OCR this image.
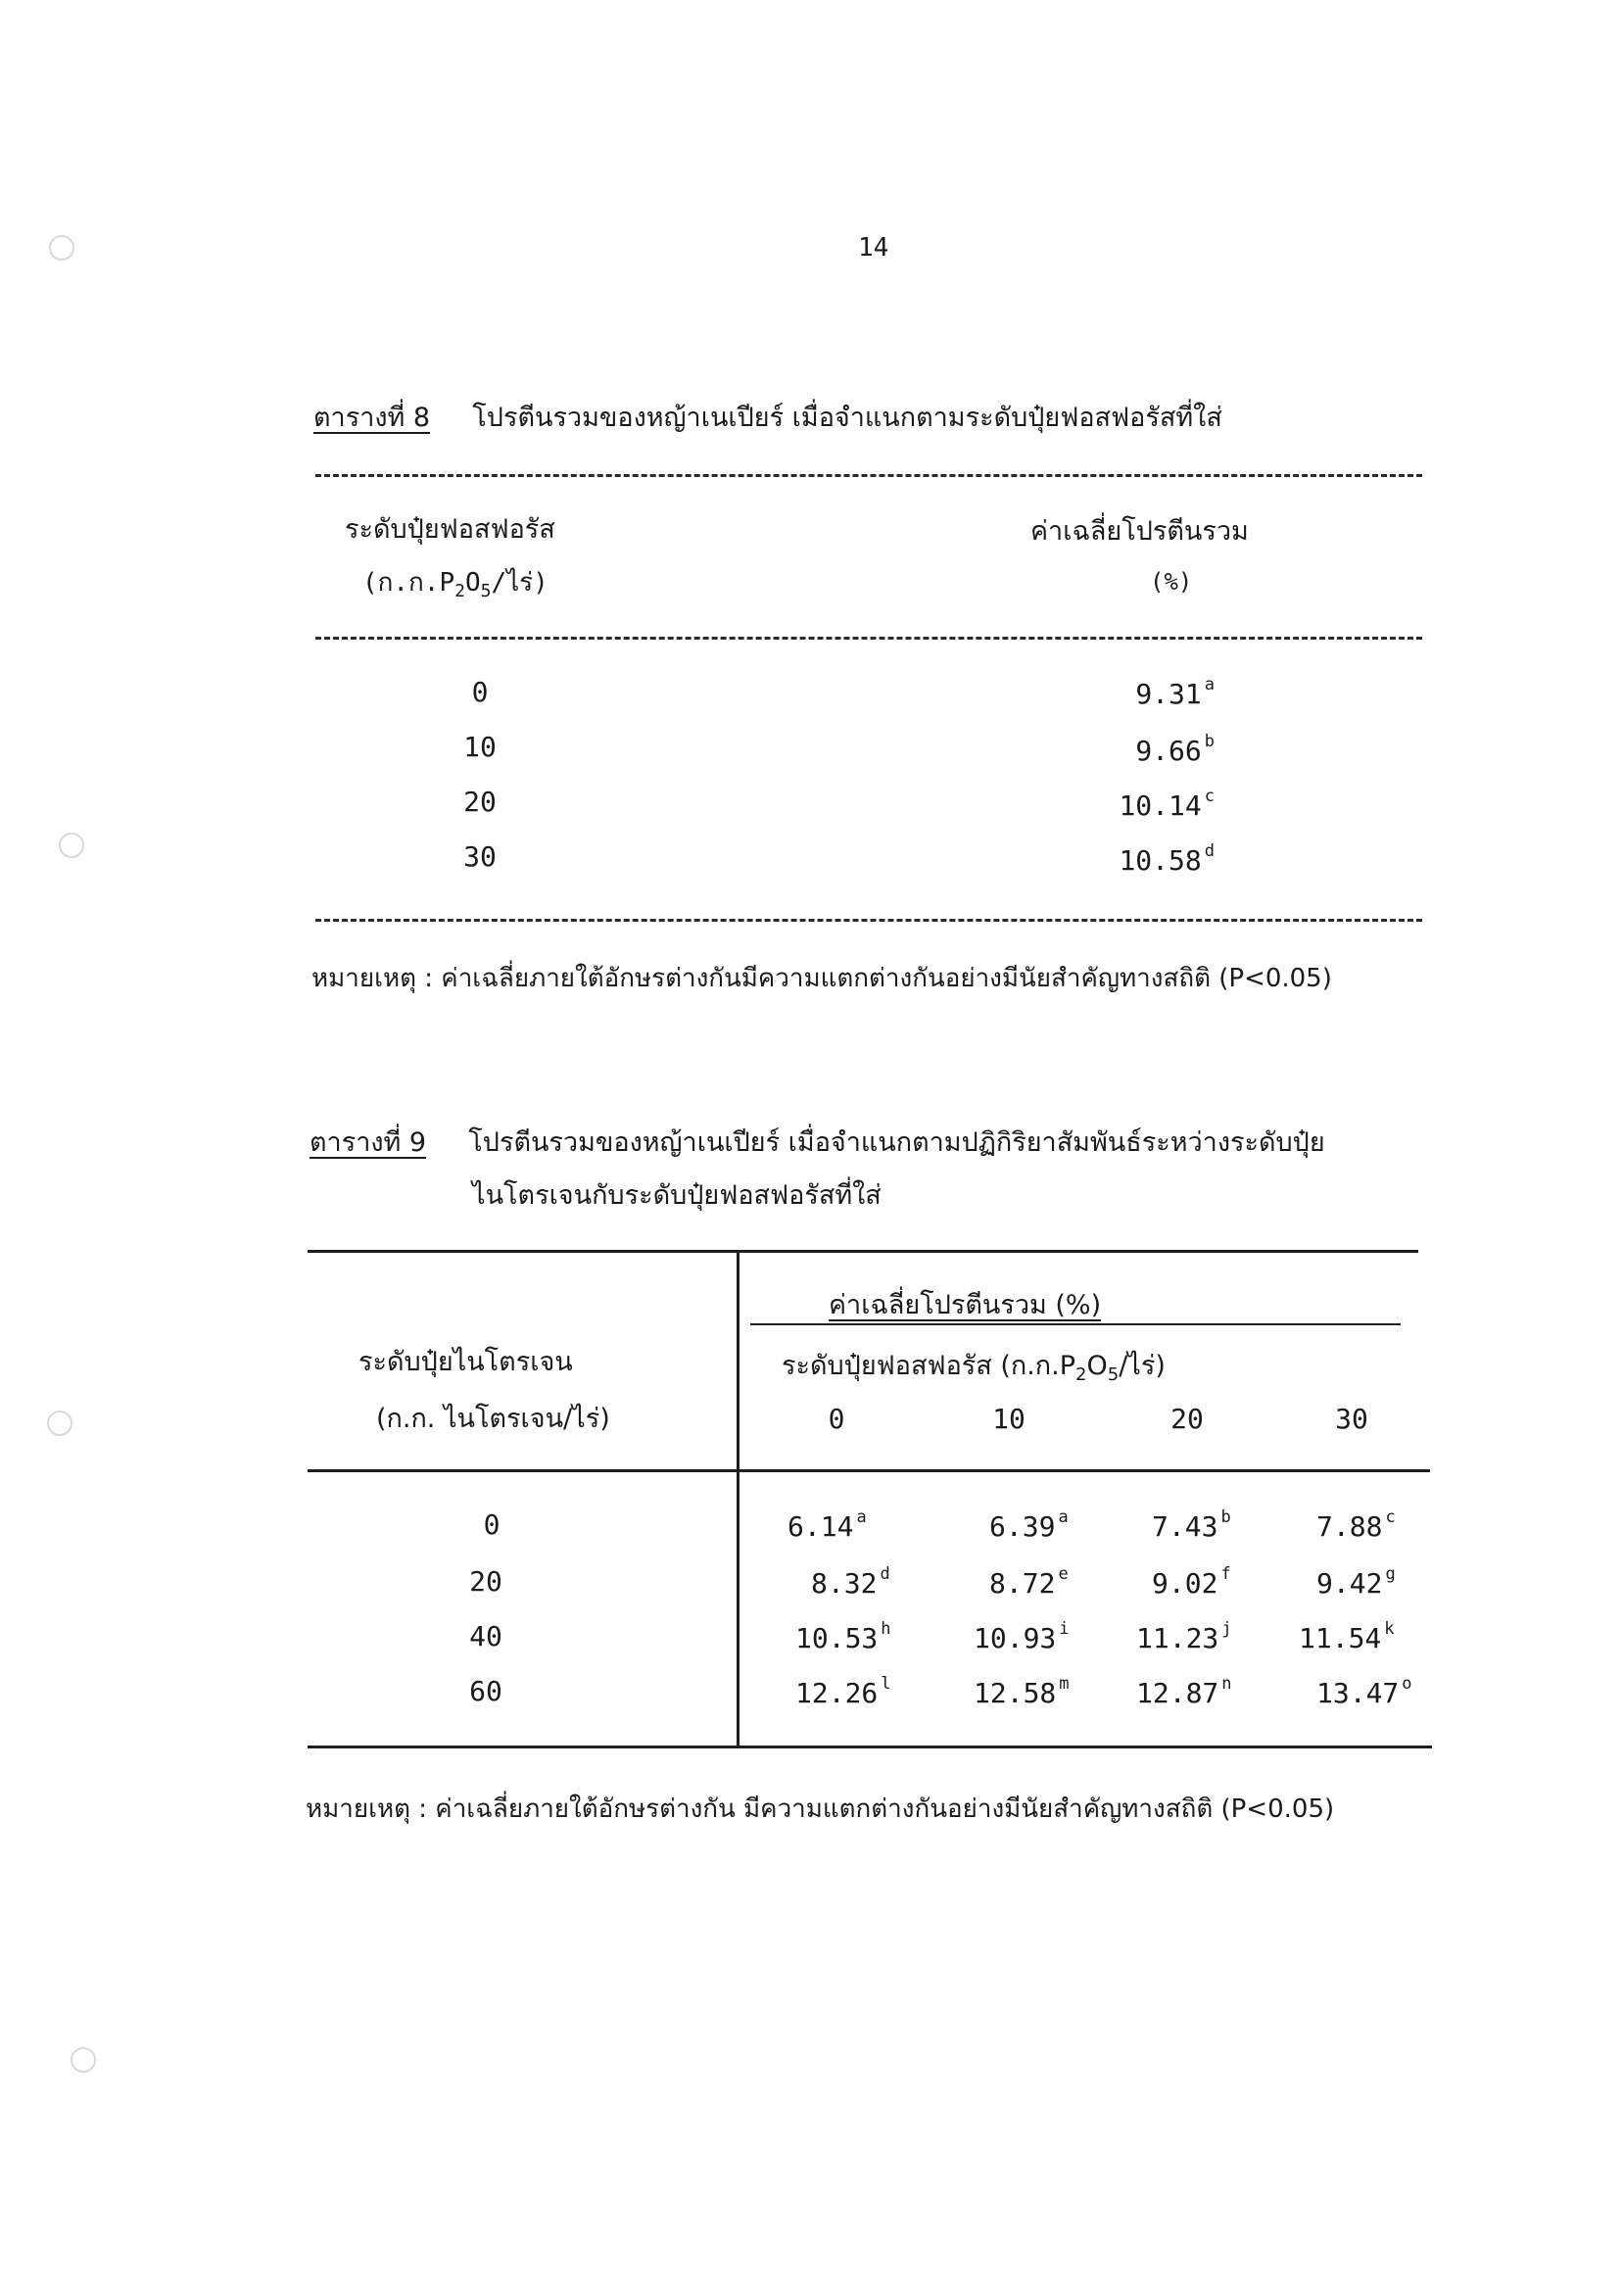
14
ตารางที่ 8 โปรตีนรวมของหญ้าเนเปียร์ เมื่อจำแนกตามระดับปุ๋ยฟอสฟอรัสที่ใส่
ระดับปุ๋ยฟอสฟอรัส
(ก.ก$.P_2O_5/$ไร่)
ค่าเฉลี่ยโปรตีนรวม
(%)
0	9.31 $^a$
10	9.66 $^b$
20	10.14 $^c$
30	10.58 $^d$
หมายเหตุ : ค่าเฉลี่ยภายใต้อักษรต่างกันมีความแตกต่างกันอย่างมีนัยสำคัญทางสถิติ (P<0.05)
ตารางที่ 9 โปรตีนรวมของหญ้าเนเปียร์ เมื่อจำแนกตามปฏิกิริยาสัมพันธ์ระหว่างระดับปุ๋ย
ไนโตรเจนกับระดับปุ๋ยฟอสฟอรัสที่ใส่
ระดับปุ๋ยไนโตรเจน
(ก.ก. ไนโตรเจน/ไร่)
ค่าเฉลี่ยโปรตีนรวม (%)
ระดับปุ๋ยฟอสฟอรัส (ก.ก$.P_2O_5/$ไร่)
0	10	20	30
0	6.14 $^a$	6.39 $^a$	7.43 $^b$	7.88 $^c$
20	8.32 $^d$	8.72 $^e$	9.02 $^f$	9.42 $^g$
40	10.53 $^h$	10.93 $^i$ 11.23 $^j$ 11.54 $^k$
60	12.26 $^l$	12.58 $^m$ 12.87 $^n$	13.47 $^o$
หมายเหตุ : ค่าเฉลี่ยภายใต้อักษรต่างกัน มีความแตกต่างกันอย่างมีนัยสำคัญทางสถิติ (P<0.05)
